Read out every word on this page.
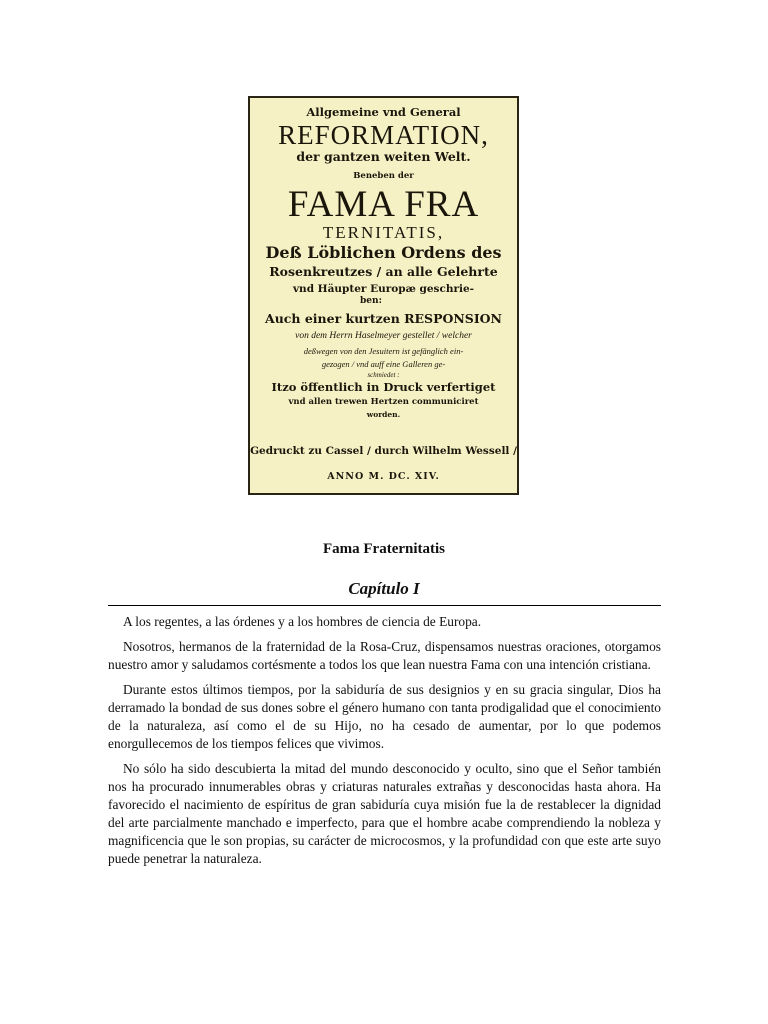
Allgemeine vnd General
REFORMATION,
der gantzen weiten Welt.
Beneben der
FAMA FRA
TERNITATIS,
Deß Löblichen Ordens des
Rosenkreutzes / an alle Gelehrte
vnd Häupter Europæ geschrie-
ben:
Auch einer kurtzen RESPONSION
von dem Herrn Haselmeyer gestellet / welcher
deßwegen von den Jesuitern ist gefänglich ein-
gezogen / vnd auff eine Galleren ge-
schmiedet :
Itzo öffentlich in Druck verfertiget
vnd allen trewen Hertzen communiciret
worden.
Gedruckt zu Cassel / durch Wilhelm Wessell /
ANNO M. DC. XIV.
Fama Fraternitatis
Capítulo I

A los regentes, a las órdenes y a los hombres de ciencia de Europa.

Nosotros, hermanos de la fraternidad de la Rosa-Cruz, dispensamos nuestras oraciones, otorgamos nuestro amor y saludamos cortésmente a todos los que lean nuestra Fama con una intención cristiana.

Durante estos últimos tiempos, por la sabiduría de sus designios y en su gracia singular, Dios ha derramado la bondad de sus dones sobre el género humano con tanta prodigalidad que el conocimiento de la naturaleza, así como el de su Hijo, no ha cesado de aumentar, por lo que podemos enorgullecemos de los tiempos felices que vivimos.

No sólo ha sido descubierta la mitad del mundo desconocido y oculto, sino que el Señor también nos ha procurado innumerables obras y criaturas naturales extrañas y desconocidas hasta ahora. Ha favorecido el nacimiento de espíritus de gran sabiduría cuya misión fue la de restablecer la dignidad del arte parcialmente manchado e imperfecto, para que el hombre acabe comprendiendo la nobleza y magnificencia que le son propias, su carácter de microcosmos, y la profundidad con que este arte suyo puede penetrar la naturaleza.
